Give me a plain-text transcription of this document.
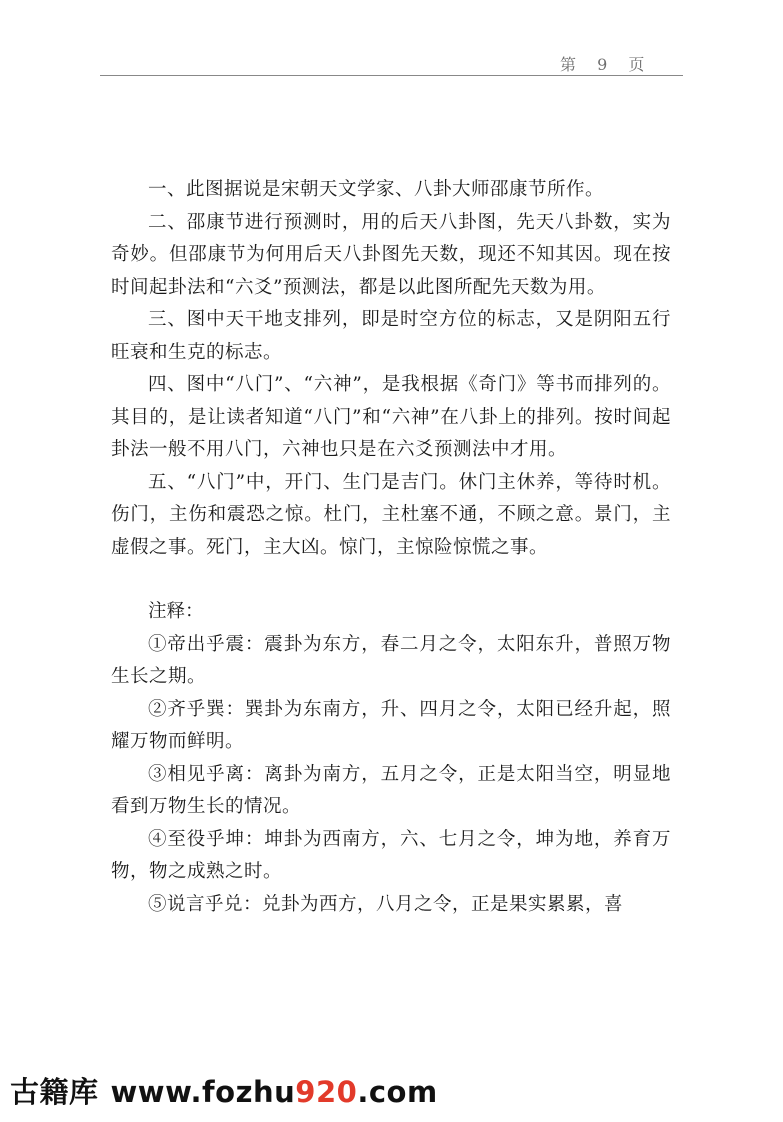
第 9 页

一、此图据说是宋朝天文学家、八卦大师邵康节所作。

二、邵康节进行预测时，用的后天八卦图，先天八卦数，实为奇妙。但邵康节为何用后天八卦图先天数，现还不知其因。现在按时间起卦法和“六爻”预测法，都是以此图所配先天数为用。

三、图中天干地支排列，即是时空方位的标志，又是阴阳五行旺衰和生克的标志。

四、图中“八门”、“六神”，是我根据《奇门》等书而排列的。其目的，是让读者知道“八门”和“六神”在八卦上的排列。按时间起卦法一般不用八门，六神也只是在六爻预测法中才用。

五、“八门”中，开门、生门是吉门。休门主休养，等待时机。伤门，主伤和震恐之惊。杜门，主杜塞不通，不顾之意。景门，主虚假之事。死门，主大凶。惊门，主惊险惊慌之事。

注释：

①帝出乎震：震卦为东方，春二月之令，太阳东升，普照万物生长之期。

②齐乎巽：巽卦为东南方，升、四月之令，太阳已经升起，照耀万物而鲜明。

③相见乎离：离卦为南方，五月之令，正是太阳当空，明显地看到万物生长的情况。

④至役乎坤：坤卦为西南方，六、七月之令，坤为地，养育万物，物之成熟之时。

⑤说言乎兑：兑卦为西方，八月之令，正是果实累累，喜

古籍库 www.fozhu920.com
